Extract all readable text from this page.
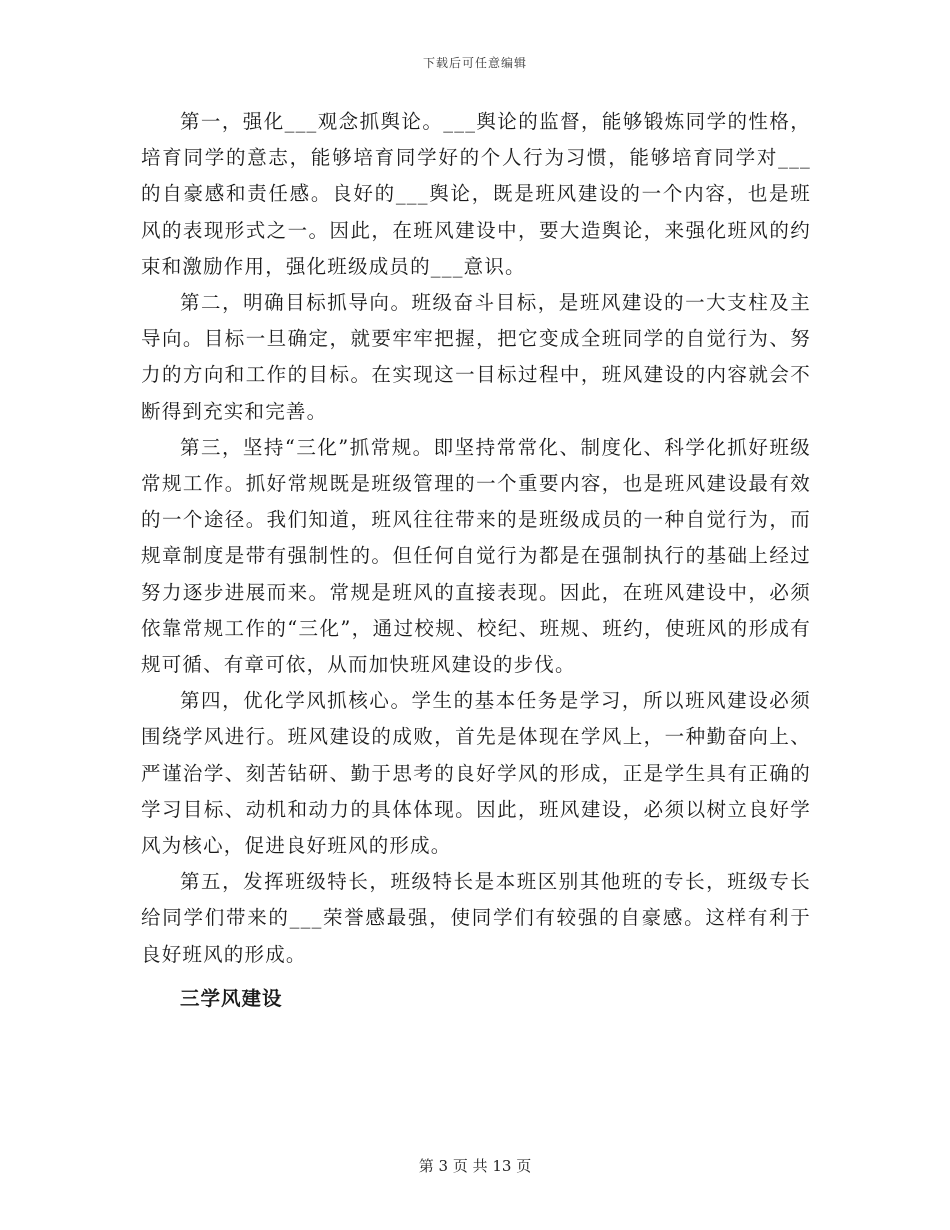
下载后可任意编辑

第一，强化___观念抓舆论。___舆论的监督，能够锻炼同学的性格，培育同学的意志，能够培育同学好的个人行为习惯，能够培育同学对___的自豪感和责任感。良好的___舆论，既是班风建设的一个内容，也是班风的表现形式之一。因此，在班风建设中，要大造舆论，来强化班风的约束和激励作用，强化班级成员的___意识。

第二，明确目标抓导向。班级奋斗目标，是班风建设的一大支柱及主导向。目标一旦确定，就要牢牢把握，把它变成全班同学的自觉行为、努力的方向和工作的目标。在实现这一目标过程中，班风建设的内容就会不断得到充实和完善。

第三，坚持“三化”抓常规。即坚持常常化、制度化、科学化抓好班级常规工作。抓好常规既是班级管理的一个重要内容，也是班风建设最有效的一个途径。我们知道，班风往往带来的是班级成员的一种自觉行为，而规章制度是带有强制性的。但任何自觉行为都是在强制执行的基础上经过努力逐步进展而来。常规是班风的直接表现。因此，在班风建设中，必须依靠常规工作的“三化”，通过校规、校纪、班规、班约，使班风的形成有规可循、有章可依，从而加快班风建设的步伐。

第四，优化学风抓核心。学生的基本任务是学习，所以班风建设必须围绕学风进行。班风建设的成败，首先是体现在学风上，一种勤奋向上、严谨治学、刻苦钻研、勤于思考的良好学风的形成，正是学生具有正确的学习目标、动机和动力的具体体现。因此，班风建设，必须以树立良好学风为核心，促进良好班风的形成。

第五，发挥班级特长，班级特长是本班区别其他班的专长，班级专长给同学们带来的___荣誉感最强，使同学们有较强的自豪感。这样有利于良好班风的形成。

三学风建设

第 3 页 共 13 页
